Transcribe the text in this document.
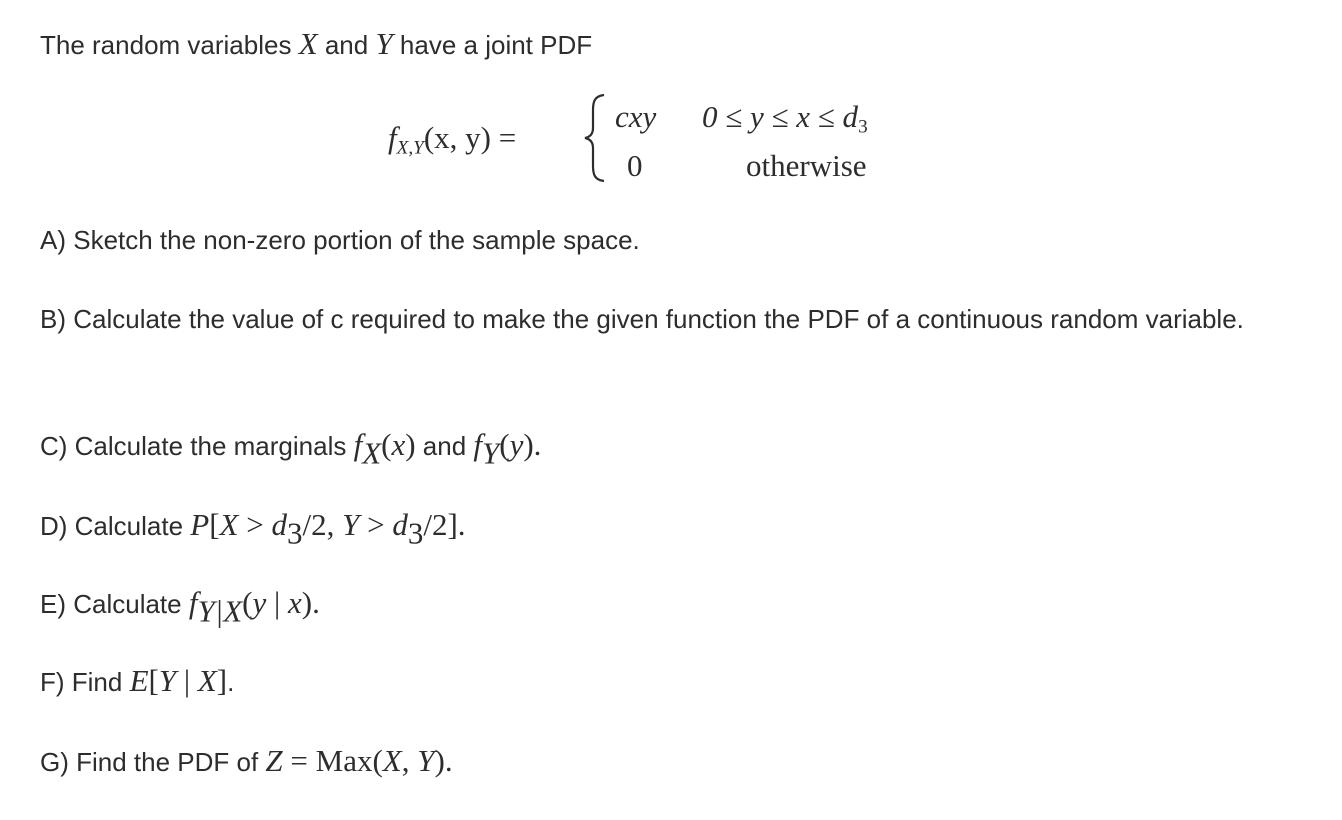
The random variables X and Y have a joint PDF
$f_{X,Y}(x$, y) =
cxy $0 \le y \le x \le d_3$
0	otherwise
A) Sketch the non-zero portion of the sample space.
B) Calculate the value of c required to make the given function the PDF of a continuous random variable.
C) Calculate the marginals $f_X(x)$ and $f_Y(y)$.
D) Calculate $P[X > d_3/2$, $Y > d_3/2$].
E) Calculate $f_{Y|X}(y$ | x).
F) Find E[Y | X].
G) Find the PDF of Z = Max(X, Y).
